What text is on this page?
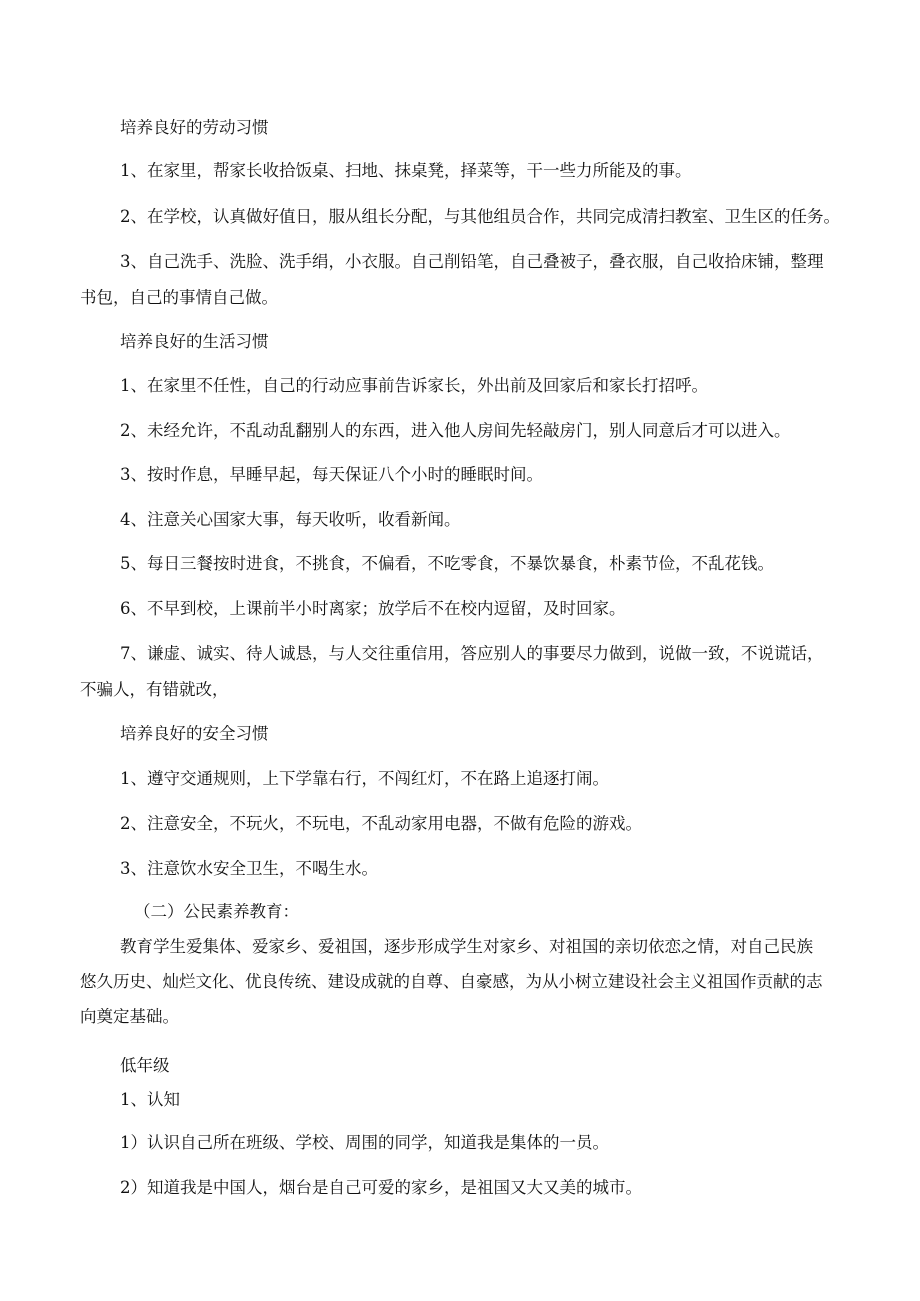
培养良好的劳动习惯
1、在家里，帮家长收拾饭桌、扫地、抹桌凳，择菜等，干一些力所能及的事。
2、在学校，认真做好值日，服从组长分配，与其他组员合作，共同完成清扫教室、卫生区的任务。
3、自己洗手、洗脸、洗手绢，小衣服。自己削铅笔，自己叠被子，叠衣服，自己收拾床铺，整理
书包，自己的事情自己做。
培养良好的生活习惯
1、在家里不任性，自己的行动应事前告诉家长，外出前及回家后和家长打招呼。
2、未经允许，不乱动乱翻别人的东西，进入他人房间先轻敲房门，别人同意后才可以进入。
3、按时作息，早睡早起，每天保证八个小时的睡眠时间。
4、注意关心国家大事，每天收听，收看新闻。
5、每日三餐按时进食，不挑食，不偏看，不吃零食，不暴饮暴食，朴素节俭，不乱花钱。
6、不早到校，上课前半小时离家；放学后不在校内逗留，及时回家。
7、谦虚、诚实、待人诚恳，与人交往重信用，答应别人的事要尽力做到，说做一致，不说谎话，
不骗人，有错就改，
培养良好的安全习惯
1、遵守交通规则，上下学靠右行，不闯红灯，不在路上追逐打闹。
2、注意安全，不玩火，不玩电，不乱动家用电器，不做有危险的游戏。
3、注意饮水安全卫生，不喝生水。
（二）公民素养教育：
教育学生爱集体、爱家乡、爱祖国，逐步形成学生对家乡、对祖国的亲切依恋之情，对自己民族
悠久历史、灿烂文化、优良传统、建设成就的自尊、自豪感，为从小树立建设社会主义祖国作贡献的志
向奠定基础。
低年级
1、认知
1）认识自己所在班级、学校、周围的同学，知道我是集体的一员。
2）知道我是中国人，烟台是自己可爱的家乡，是祖国又大又美的城市。
